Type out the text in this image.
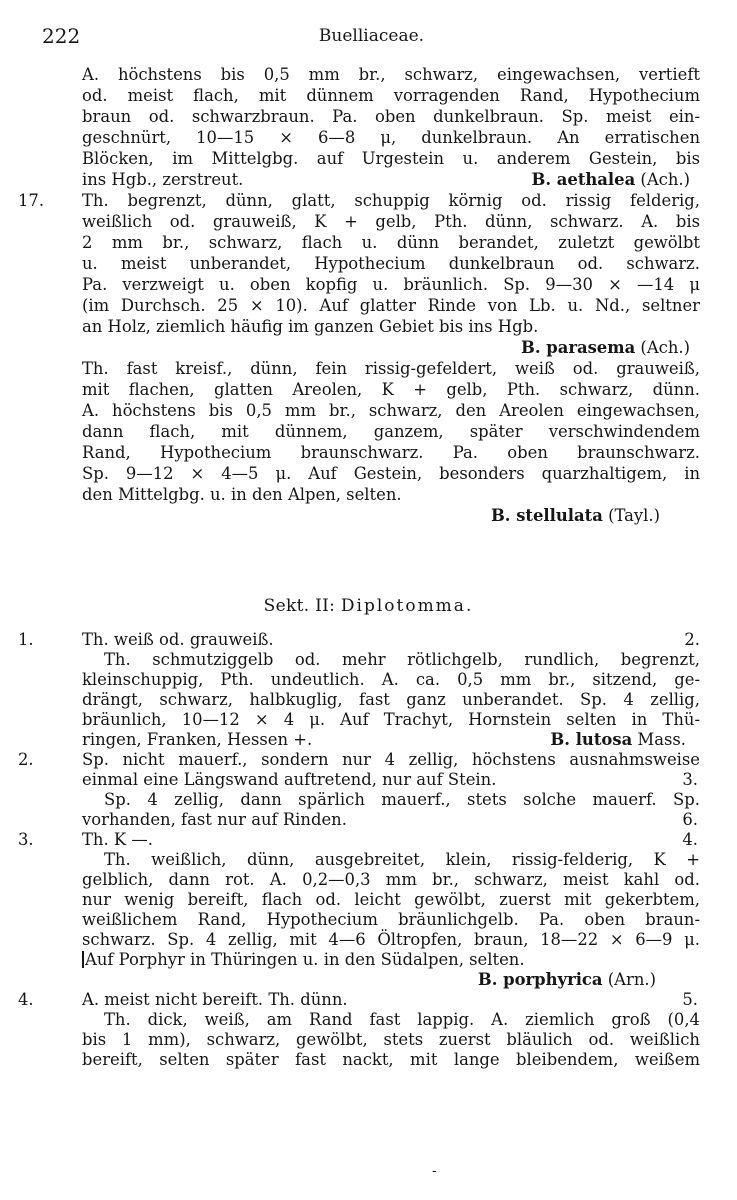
222	Buelliaceae.
A. höchstens bis 0,5 mm br., schwarz, eingewachsen, vertieft
od. meist flach, mit dünnem vorragenden Rand, Hypothecium
braun od. schwarzbraun. Pa. oben dunkelbraun. Sp. meist ein-
geschnürt, 10—15 × 6—8 μ, dunkelbraun. An erratischen
Blöcken, im Mittelgbg. auf Urgestein u. anderem Gestein, bis
ins Hgb., zerstreut.	B. aethalea (Ach.)
17. Th. begrenzt, dünn, glatt, schuppig körnig od. rissig felderig,
weißlich od. grauweiß, K + gelb, Pth. dünn, schwarz. A. bis
2 mm br., schwarz, flach u. dünn berandet, zuletzt gewölbt
u. meist unberandet, Hypothecium dunkelbraun od. schwarz.
Pa. verzweigt u. oben kopfig u. bräunlich. Sp. 9—30 × —14 μ
(im Durchsch. 25 × 10). Auf glatter Rinde von Lb. u. Nd., seltner
an Holz, ziemlich häufig im ganzen Gebiet bis ins Hgb.
B. parasema (Ach.)
Th. fast kreisf., dünn, fein rissig-gefeldert, weiß od. grauweiß,
mit flachen, glatten Areolen, K + gelb, Pth. schwarz, dünn.
A. höchstens bis 0,5 mm br., schwarz, den Areolen eingewachsen,
dann flach, mit dünnem, ganzem, später verschwindendem
Rand, Hypothecium braunschwarz. Pa. oben braunschwarz.
Sp. 9—12 × 4—5 μ. Auf Gestein, besonders quarzhaltigem, in
den Mittelgbg. u. in den Alpen, selten.
B. stellulata (Tayl.)
Sekt. II: Diplotomma.
1.	Th. weiß od. grauweiß.	2.
Th. schmutziggelb od. mehr rötlichgelb, rundlich, begrenzt,
kleinschuppig, Pth. undeutlich. A. ca. 0,5 mm br., sitzend, ge-
drängt, schwarz, halbkuglig, fast ganz unberandet. Sp. 4 zellig,
bräunlich, 10—12 × 4 μ. Auf Trachyt, Hornstein selten in Thü-
ringen, Franken, Hessen +.	B. lutosa Mass.
2.	Sp. nicht mauerf., sondern nur 4 zellig, höchstens ausnahmsweise
einmal eine Längswand auftretend, nur auf Stein.	3.
Sp. 4 zellig, dann spärlich mauerf., stets solche mauerf. Sp.
vorhanden, fast nur auf Rinden.	6.
3.	Th. K —.	4.
Th. weißlich, dünn, ausgebreitet, klein, rissig-felderig, K +
gelblich, dann rot. A. 0,2—0,3 mm br., schwarz, meist kahl od.
nur wenig bereift, flach od. leicht gewölbt, zuerst mit gekerbtem,
weißlichem Rand, Hypothecium bräunlichgelb. Pa. oben braun-
schwarz. Sp. 4 zellig, mit 4—6 Öltropfen, braun, 18—22 × 6—9 μ.
Auf Porphyr in Thüringen u. in den Südalpen, selten.
B. porphyrica (Arn.)
4.	A. meist nicht bereift. Th. dünn.	5.
Th. dick, weiß, am Rand fast lappig. A. ziemlich groß (0,4
bis 1 mm), schwarz, gewölbt, stets zuerst bläulich od. weißlich
bereift, selten später fast nackt, mit lange bleibendem, weißem
-
